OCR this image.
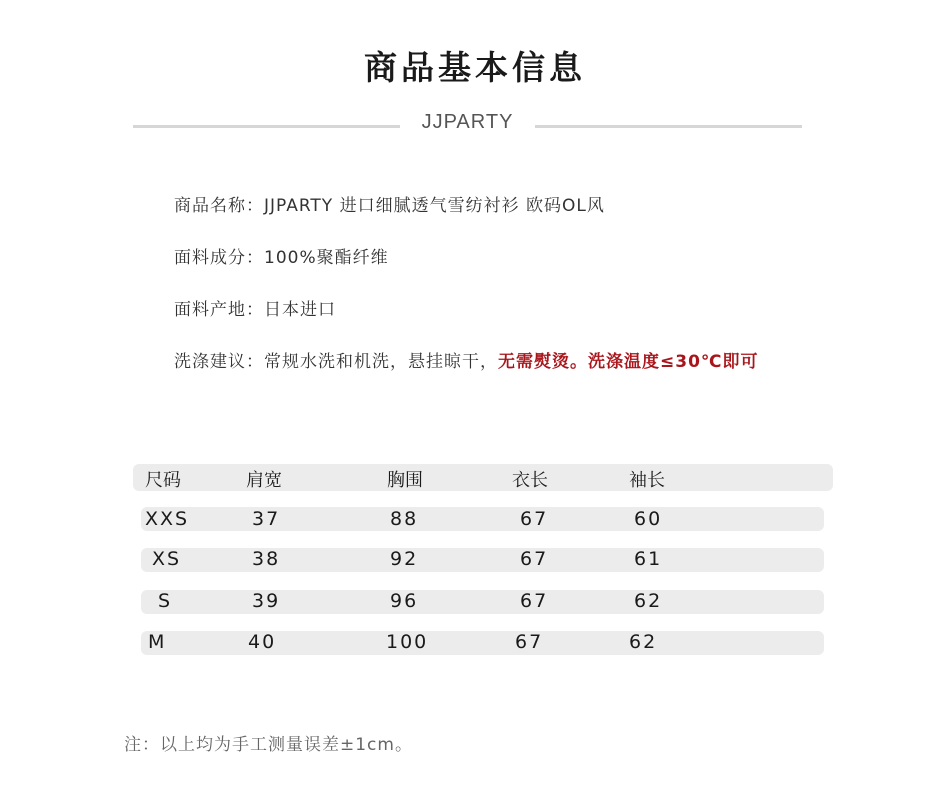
商品基本信息
JJPARTY
商品名称：JJPARTY 进口细腻透气雪纺衬衫 欧码OL风
面料成分：100%聚酯纤维
面料产地：日本进口
洗涤建议：常规水洗和机洗，悬挂晾干，无需熨烫。洗涤温度≤30℃即可
尺码	肩宽	胸围	衣长	袖长
XXS	37	88	67	60
XS	38	92	67	61
S	39	96	67	62
M	40	100	67	62
注：以上均为手工测量误差±1cm。
